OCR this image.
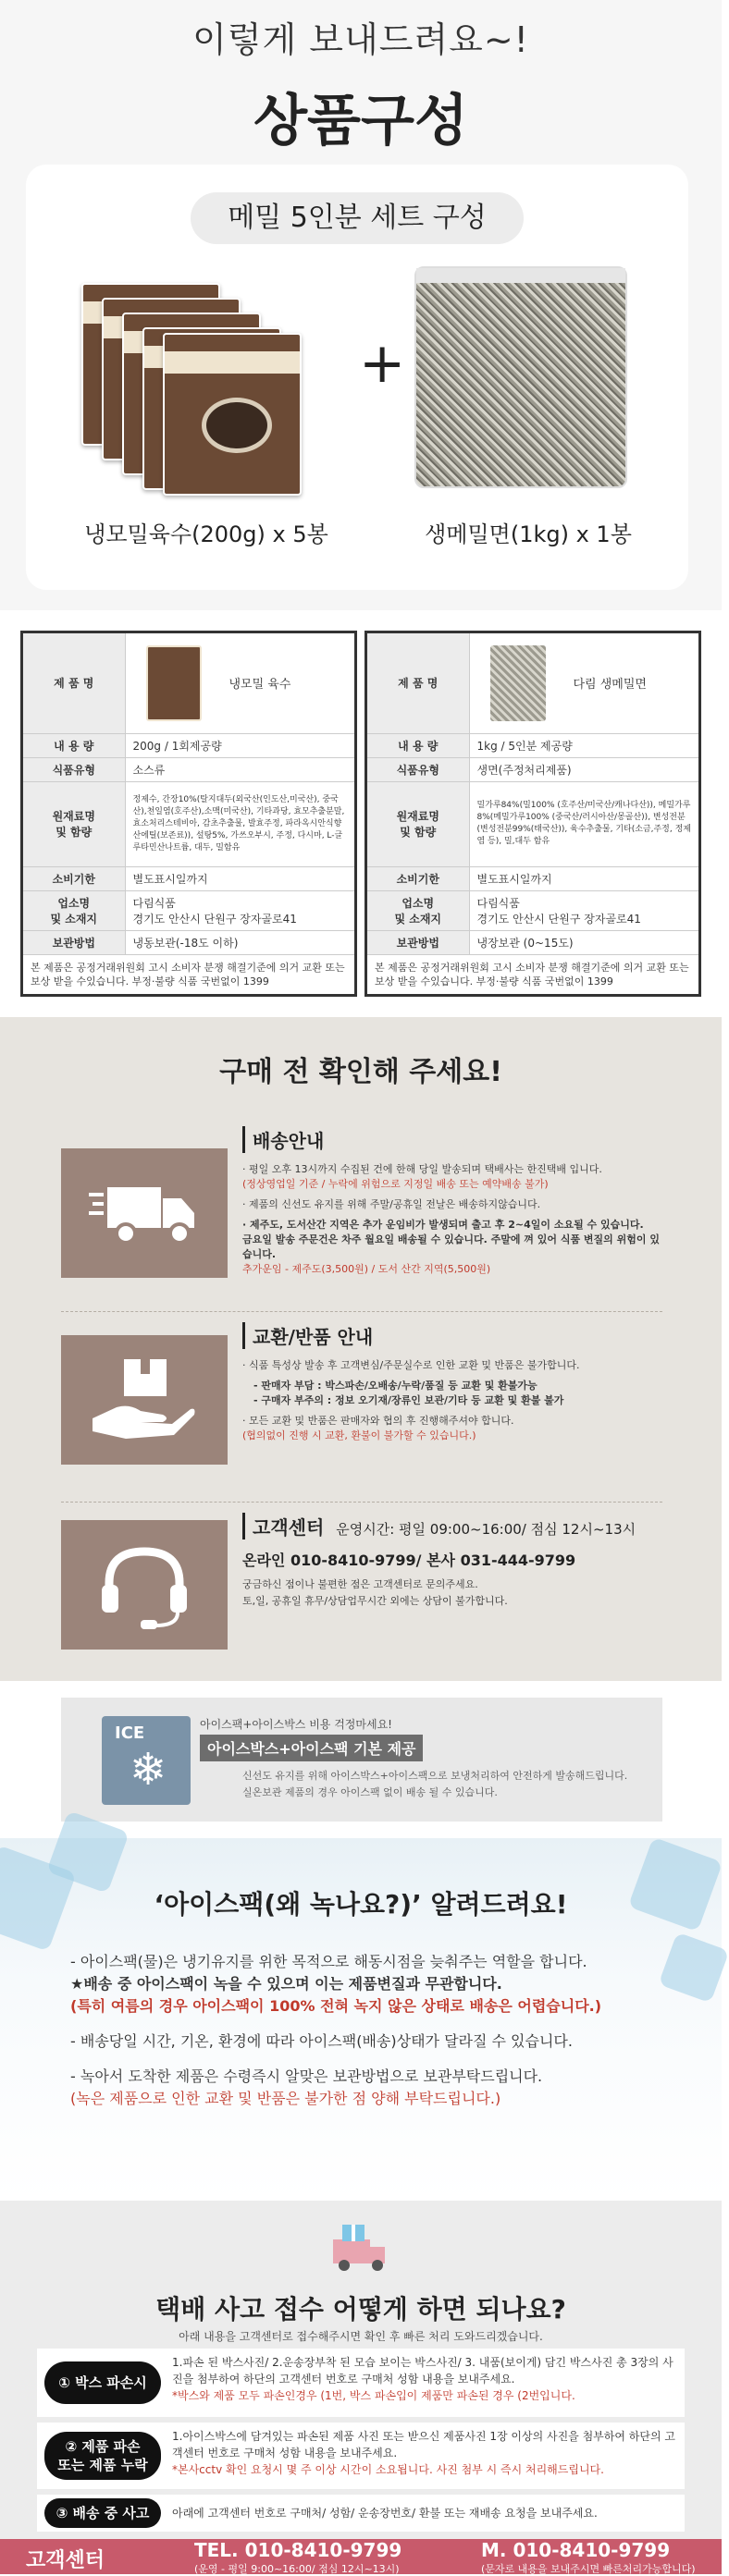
이렇게 보내드려요~!
상품구성
메밀 5인분 세트 구성
+
냉모밀육수(200g) x 5봉	생메밀면(1kg) x 1봉
제 품 명	냉모밀 육수
내 용 량	200g / 1회제공량
식품유형	소스류
원재료명
및 함량	정제수, 간장10%(탈지대두(외국산(인도산,미국산), 중국산),천일염(호주산),소맥(미국산), 기타과당, 효모추출분말, 효소처리스테비아, 감초추출물, 발효주정, 파라옥시안식향산에틸(보존료)), 설탕5%, 가쓰오부시, 주정, 다시마, L-글루타민산나트륨, 대두, 밀함유
소비기한	별도표시일까지
업소명
및 소재지	다림식품
경기도 안산시 단원구 장자골로41
보관방법	냉동보관(-18도 이하)
본 제품은 공정거래위원회 고시 소비자 분쟁 해결기준에 의거 교환 또는 보상 받을 수있습니다. 부정·불량 식품 국번없이 1399
제 품 명	다림 생메밀면
내 용 량	1kg / 5인분 제공량
식품유형	생면(주정처리제품)
원재료명
및 함량	밀가루84%(밀100% (호주산/미국산/캐나다산)), 메밀가루8%(메밀가루100% (중국산/러시아산/몽골산)), 변성전분(변성전분99%(태국산)), 육수추출물, 기타(소금,주정, 정제염 등), 밀,대두 함유
소비기한	별도표시일까지
업소명
및 소재지	다림식품
경기도 안산시 단원구 장자골로41
보관방법	냉장보관 (0~15도)
본 제품은 공정거래위원회 고시 소비자 분쟁 해결기준에 의거 교환 또는 보상 받을 수있습니다. 부정·불량 식품 국번없이 1399
구매 전 확인해 주세요!
배송안내
· 평일 오후 13시까지 수집된 건에 한해 당일 발송되며 택배사는 한진택배 입니다.
(정상영업일 기준 / 누락에 위험으로 지정일 배송 또는 예약배송 불가)
· 제품의 신선도 유지를 위해 주말/공휴일 전날은 배송하지않습니다.
· 제주도, 도서산간 지역은 추가 운임비가 발생되며 출고 후 2~4일이 소요될 수 있습니다.
금요일 발송 주문건은 차주 월요일 배송될 수 있습니다. 주말에 껴 있어 식품 변질의 위험이 있습니다.
추가운임 - 제주도(3,500원) / 도서 산간 지역(5,500원)
교환/반품 안내
· 식품 특성상 발송 후 고객변심/주문실수로 인한 교환 및 반품은 불가합니다.
- 판매자 부담 : 박스파손/오배송/누락/품질 등 교환 및 환불가능
- 구매자 부주의 : 정보 오기재/장류인 보관/기타 등 교환 및 환불 불가
· 모든 교환 및 반품은 판매자와 협의 후 진행해주셔야 합니다.
(협의없이 진행 시 교환, 환불이 불가할 수 있습니다.)
고객센터 운영시간: 평일 09:00~16:00/ 점심 12시~13시
온라인 010-8410-9799/ 본사 031-444-9799
궁금하신 점이나 불편한 점은 고객센터로 문의주세요.
토,일, 공휴일 휴무/상담업무시간 외에는 상담이 불가합니다.
ICE
❄
아이스팩+아이스박스 비용 걱정마세요!
아이스박스+아이스팩 기본 제공
신선도 유지를 위해 아이스박스+아이스팩으로 보냉처리하여 안전하게 발송해드립니다.
실온보관 제품의 경우 아이스팩 없이 배송 될 수 있습니다.
‘아이스팩(왜 녹나요?)’ 알려드려요!
- 아이스팩(물)은 냉기유지를 위한 목적으로 해동시점을 늦춰주는 역할을 합니다.
★배송 중 아이스팩이 녹을 수 있으며 이는 제품변질과 무관합니다.
(특히 여름의 경우 아이스팩이 100% 전혀 녹지 않은 상태로 배송은 어렵습니다.)
- 배송당일 시간, 기온, 환경에 따라 아이스팩(배송)상태가 달라질 수 있습니다.
- 녹아서 도착한 제품은 수령즉시 알맞은 보관방법으로 보관부탁드립니다.
(녹은 제품으로 인한 교환 및 반품은 불가한 점 양해 부탁드립니다.)
택배 사고 접수 어떻게 하면 되나요?
아래 내용을 고객센터로 접수해주시면 확인 후 빠른 처리 도와드리겠습니다.
① 박스 파손시
1.파손 된 박스사진/ 2.운송장부착 된 모습 보이는 박스사진/ 3. 내품(보이게) 담긴 박스사진 총 3장의 사진을 첨부하여 하단의 고객센터 번호로 구매처 성함 내용을 보내주세요.
*박스와 제품 모두 파손인경우 (1번, 박스 파손입이 제품만 파손된 경우 (2번입니다.
② 제품 파손
또는 제품 누락
1.아이스박스에 담겨있는 파손된 제품 사진 또는 받으신 제품사진 1장 이상의 사진을 첨부하여 하단의 고객센터 번호로 구매처 성함 내용을 보내주세요.
*본사cctv 확인 요청시 몇 주 이상 시간이 소요됩니다. 사진 첨부 시 즉시 처리해드립니다.
③ 배송 중 사고	아래에 고객센터 번호로 구매처/ 성함/ 운송장번호/ 환불 또는 재배송 요청을 보내주세요.
고객센터	TEL. 010-8410-9799
(운영 - 평일 9:00~16:00/ 점심 12시~13시)
M. 010-8410-9799
(문자로 내용을 보내주시면 빠른처리가능합니다)
